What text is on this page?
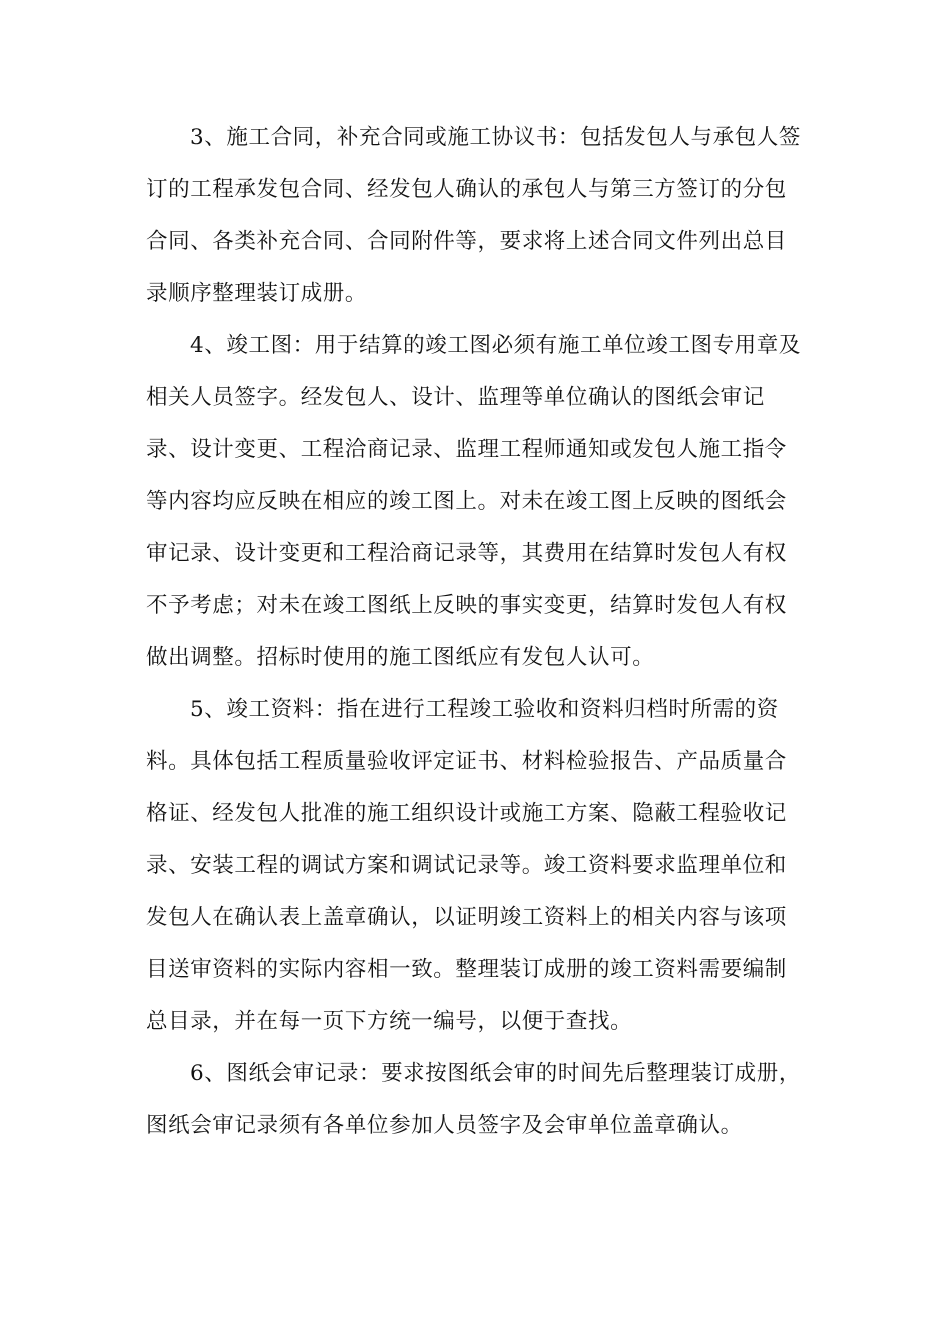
3、施工合同，补充合同或施工协议书：包括发包人与承包人签
订的工程承发包合同、经发包人确认的承包人与第三方签订的分包
合同、各类补充合同、合同附件等，要求将上述合同文件列出总目
录顺序整理装订成册。

4、竣工图：用于结算的竣工图必须有施工单位竣工图专用章及
相关人员签字。经发包人、设计、监理等单位确认的图纸会审记
录、设计变更、工程洽商记录、监理工程师通知或发包人施工指令
等内容均应反映在相应的竣工图上。对未在竣工图上反映的图纸会
审记录、设计变更和工程洽商记录等，其费用在结算时发包人有权
不予考虑；对未在竣工图纸上反映的事实变更，结算时发包人有权
做出调整。招标时使用的施工图纸应有发包人认可。

5、竣工资料：指在进行工程竣工验收和资料归档时所需的资
料。具体包括工程质量验收评定证书、材料检验报告、产品质量合
格证、经发包人批准的施工组织设计或施工方案、隐蔽工程验收记
录、安装工程的调试方案和调试记录等。竣工资料要求监理单位和
发包人在确认表上盖章确认，以证明竣工资料上的相关内容与该项
目送审资料的实际内容相一致。整理装订成册的竣工资料需要编制
总目录，并在每一页下方统一编号，以便于查找。

6、图纸会审记录：要求按图纸会审的时间先后整理装订成册，
图纸会审记录须有各单位参加人员签字及会审单位盖章确认。
